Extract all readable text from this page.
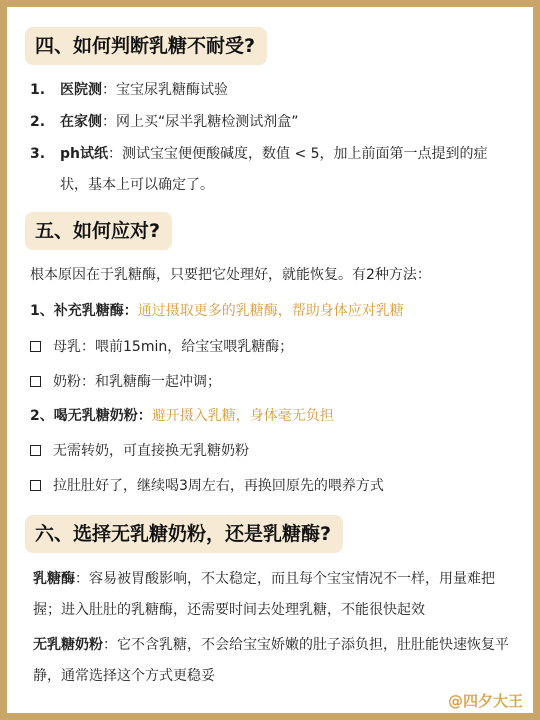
四、如何判断乳糖不耐受?
1. 医院测：宝宝尿乳糖酶试验
2. 在家侧：网上买“尿半乳糖检测试剂盒”
3. ph试纸：测试宝宝便便酸碱度，数值 < 5，加上前面第一点提到的症
状，基本上可以确定了。
五、如何应对?
根本原因在于乳糖酶，只要把它处理好，就能恢复。有2种方法：
1、补充乳糖酶：通过摄取更多的乳糖酶，帮助身体应对乳糖
母乳：喂前15min，给宝宝喂乳糖酶；
奶粉：和乳糖酶一起冲调；
2、喝无乳糖奶粉：避开摄入乳糖，身体毫无负担
无需转奶，可直接换无乳糖奶粉
拉肚肚好了，继续喝3周左右，再换回原先的喂养方式
六、选择无乳糖奶粉，还是乳糖酶?
乳糖酶：容易被胃酸影响，不太稳定，而且每个宝宝情况不一样，用量难把握；进入肚肚的乳糖酶，还需要时间去处理乳糖，不能很快起效
无乳糖奶粉：它不含乳糖，不会给宝宝娇嫩的肚子添负担，肚肚能快速恢复平静，通常选择这个方式更稳妥
@四夕大王
